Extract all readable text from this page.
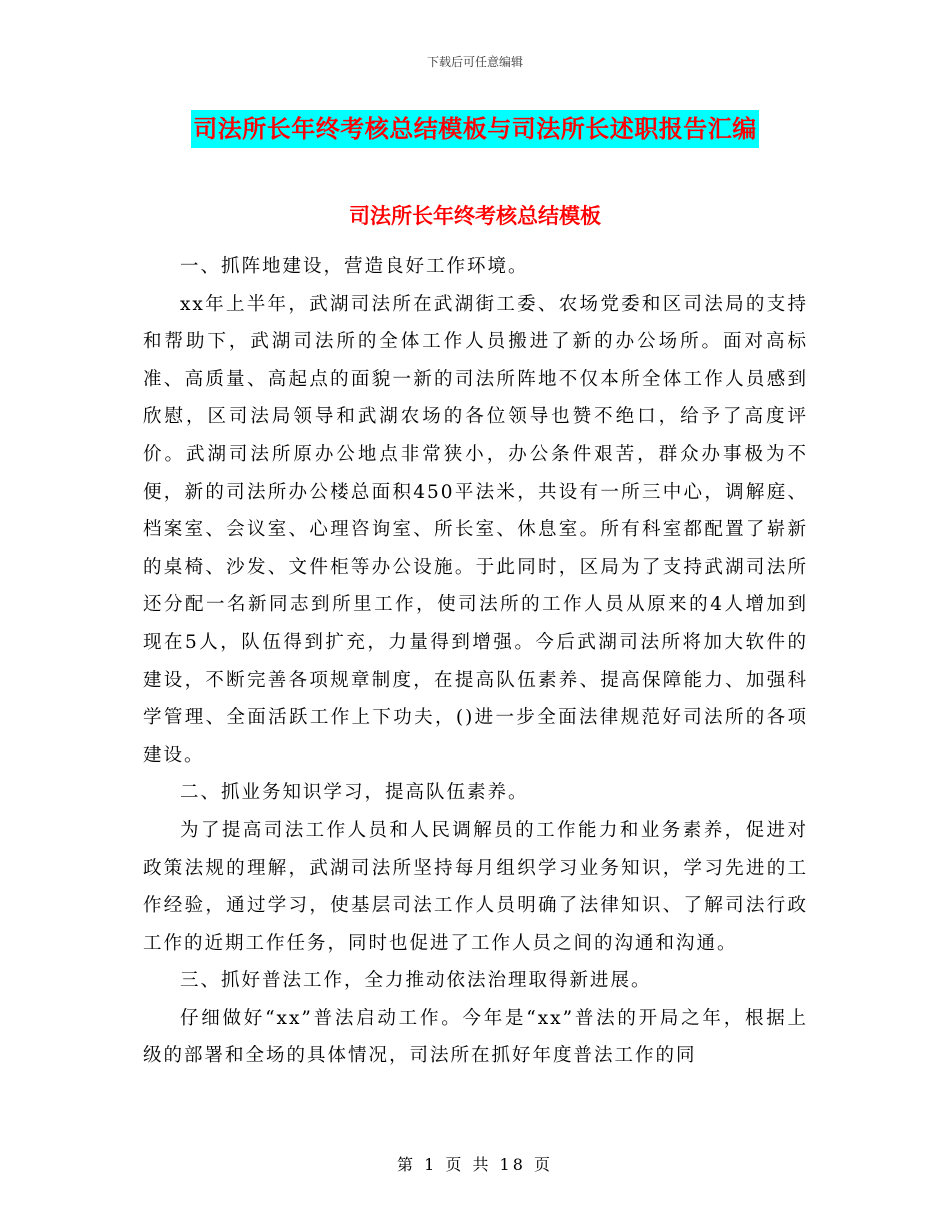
下载后可任意编辑
司法所长年终考核总结模板与司法所长述职报告汇编
司法所长年终考核总结模板

一、抓阵地建设，营造良好工作环境。

xx年上半年，武湖司法所在武湖街工委、农场党委和区司法局的支持和帮助下，武湖司法所的全体工作人员搬进了新的办公场所。面对高标准、高质量、高起点的面貌一新的司法所阵地不仅本所全体工作人员感到欣慰，区司法局领导和武湖农场的各位领导也赞不绝口，给予了高度评价。武湖司法所原办公地点非常狭小，办公条件艰苦，群众办事极为不便，新的司法所办公楼总面积450平法米，共设有一所三中心，调解庭、档案室、会议室、心理咨询室、所长室、休息室。所有科室都配置了崭新的桌椅、沙发、文件柜等办公设施。于此同时，区局为了支持武湖司法所还分配一名新同志到所里工作，使司法所的工作人员从原来的4人增加到现在5人，队伍得到扩充，力量得到增强。今后武湖司法所将加大软件的建设，不断完善各项规章制度，在提高队伍素养、提高保障能力、加强科学管理、全面活跃工作上下功夫，()进一步全面法律规范好司法所的各项建设。

二、抓业务知识学习，提高队伍素养。

为了提高司法工作人员和人民调解员的工作能力和业务素养，促进对政策法规的理解，武湖司法所坚持每月组织学习业务知识，学习先进的工作经验，通过学习，使基层司法工作人员明确了法律知识、了解司法行政工作的近期工作任务，同时也促进了工作人员之间的沟通和沟通。

三、抓好普法工作，全力推动依法治理取得新进展。

仔细做好“xx”普法启动工作。今年是“xx”普法的开局之年，根据上级的部署和全场的具体情况，司法所在抓好年度普法工作的同

第 1 页 共 18 页
